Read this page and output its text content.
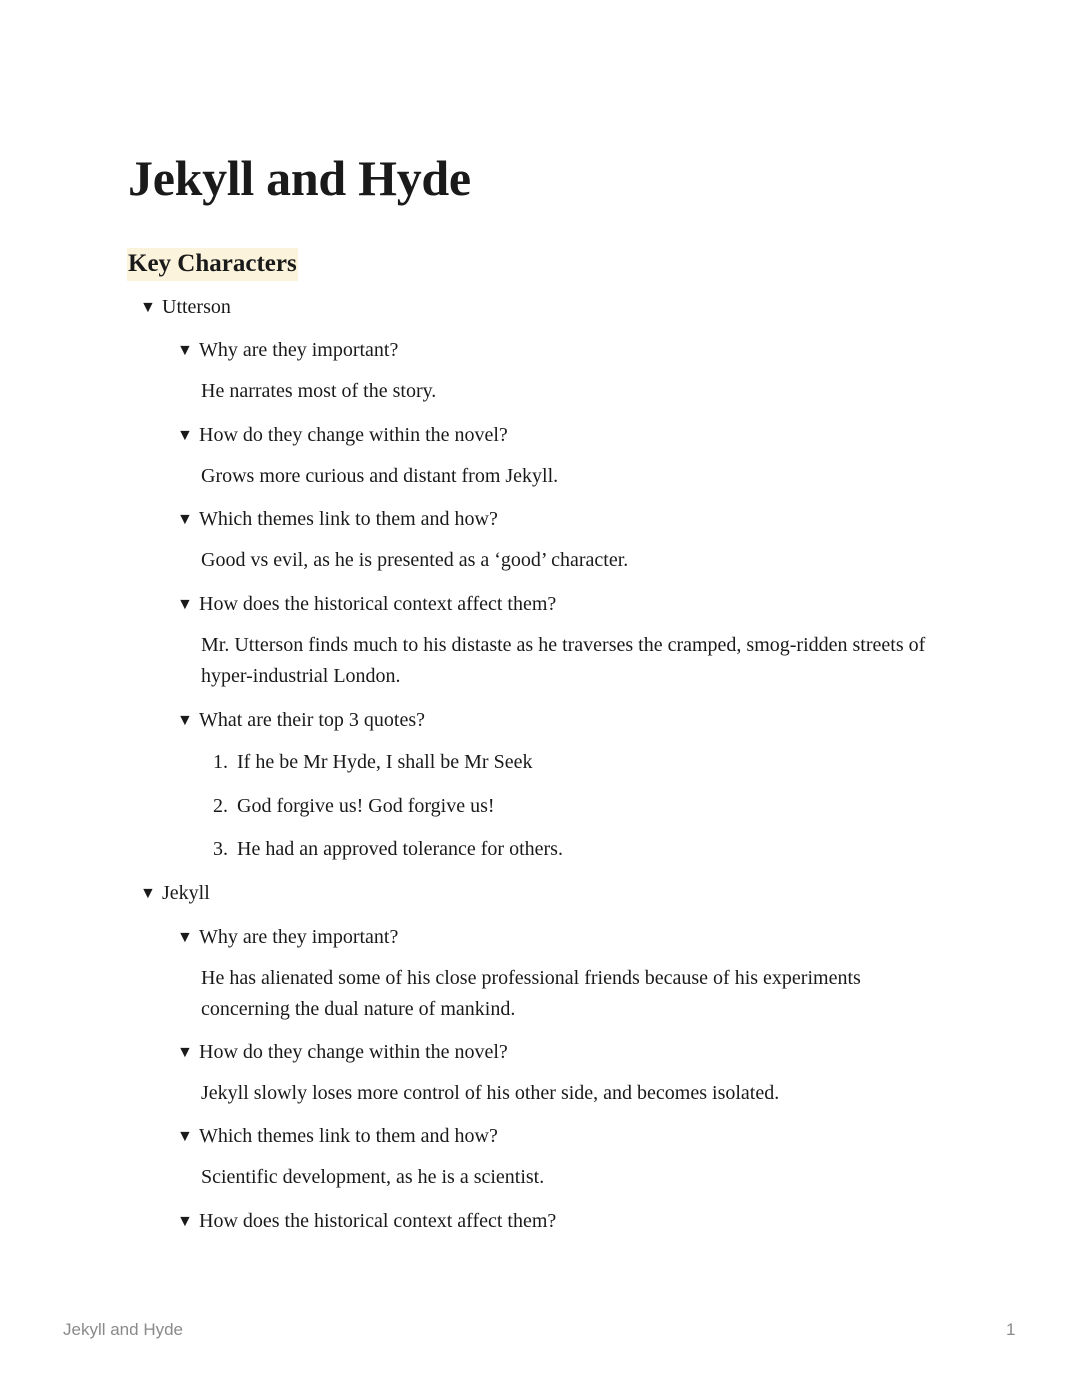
Jekyll and Hyde
Key Characters
▼ Utterson
▼ Why are they important?
He narrates most of the story.
▼ How do they change within the novel?
Grows more curious and distant from Jekyll.
▼ Which themes link to them and how?
Good vs evil, as he is presented as a ‘good’ character.
▼ How does the historical context affect them?
Mr. Utterson finds much to his distaste as he traverses the cramped, smog-ridden streets of hyper-industrial London.
▼ What are their top 3 quotes?
1. If he be Mr Hyde, I shall be Mr Seek
2. God forgive us! God forgive us!
3. He had an approved tolerance for others.
▼ Jekyll
▼ Why are they important?
He has alienated some of his close professional friends because of his experiments concerning the dual nature of mankind.
▼ How do they change within the novel?
Jekyll slowly loses more control of his other side, and becomes isolated.
▼ Which themes link to them and how?
Scientific development, as he is a scientist.
▼ How does the historical context affect them?
Jekyll and Hyde	1
